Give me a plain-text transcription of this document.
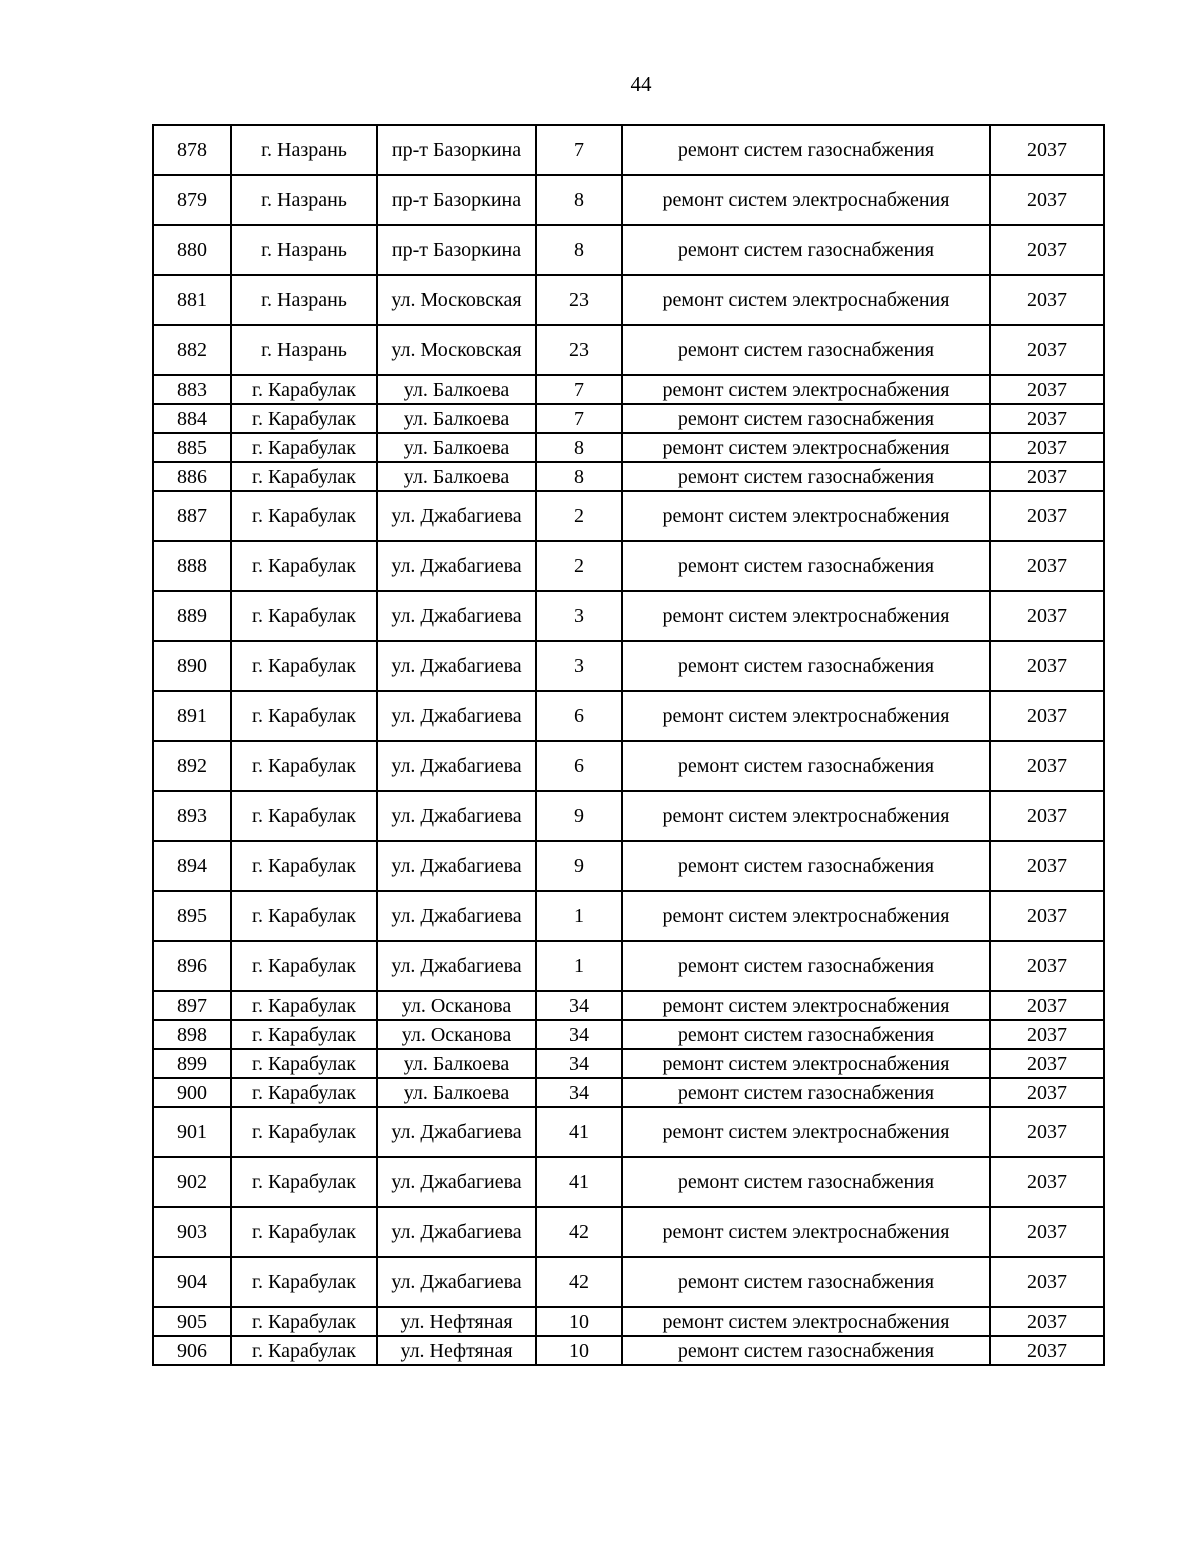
44
878	г. Назрань	пр-т Базоркина	7	ремонт систем газоснабжения	2037
879	г. Назрань	пр-т Базоркина	8	ремонт систем электроснабжения	2037
880	г. Назрань	пр-т Базоркина	8	ремонт систем газоснабжения	2037
881	г. Назрань	ул. Московская	23	ремонт систем электроснабжения	2037
882	г. Назрань	ул. Московская	23	ремонт систем газоснабжения	2037
883	г. Карабулак	ул. Балкоева	7	ремонт систем электроснабжения	2037
884	г. Карабулак	ул. Балкоева	7	ремонт систем газоснабжения	2037
885	г. Карабулак	ул. Балкоева	8	ремонт систем электроснабжения	2037
886	г. Карабулак	ул. Балкоева	8	ремонт систем газоснабжения	2037
887	г. Карабулак	ул. Джабагиева	2	ремонт систем электроснабжения	2037
888	г. Карабулак	ул. Джабагиева	2	ремонт систем газоснабжения	2037
889	г. Карабулак	ул. Джабагиева	3	ремонт систем электроснабжения	2037
890	г. Карабулак	ул. Джабагиева	3	ремонт систем газоснабжения	2037
891	г. Карабулак	ул. Джабагиева	6	ремонт систем электроснабжения	2037
892	г. Карабулак	ул. Джабагиева	6	ремонт систем газоснабжения	2037
893	г. Карабулак	ул. Джабагиева	9	ремонт систем электроснабжения	2037
894	г. Карабулак	ул. Джабагиева	9	ремонт систем газоснабжения	2037
895	г. Карабулак	ул. Джабагиева	1	ремонт систем электроснабжения	2037
896	г. Карабулак	ул. Джабагиева	1	ремонт систем газоснабжения	2037
897	г. Карабулак	ул. Осканова	34	ремонт систем электроснабжения	2037
898	г. Карабулак	ул. Осканова	34	ремонт систем газоснабжения	2037
899	г. Карабулак	ул. Балкоева	34	ремонт систем электроснабжения	2037
900	г. Карабулак	ул. Балкоева	34	ремонт систем газоснабжения	2037
901	г. Карабулак	ул. Джабагиева	41	ремонт систем электроснабжения	2037
902	г. Карабулак	ул. Джабагиева	41	ремонт систем газоснабжения	2037
903	г. Карабулак	ул. Джабагиева	42	ремонт систем электроснабжения	2037
904	г. Карабулак	ул. Джабагиева	42	ремонт систем газоснабжения	2037
905	г. Карабулак	ул. Нефтяная	10	ремонт систем электроснабжения	2037
906	г. Карабулак	ул. Нефтяная	10	ремонт систем газоснабжения	2037
